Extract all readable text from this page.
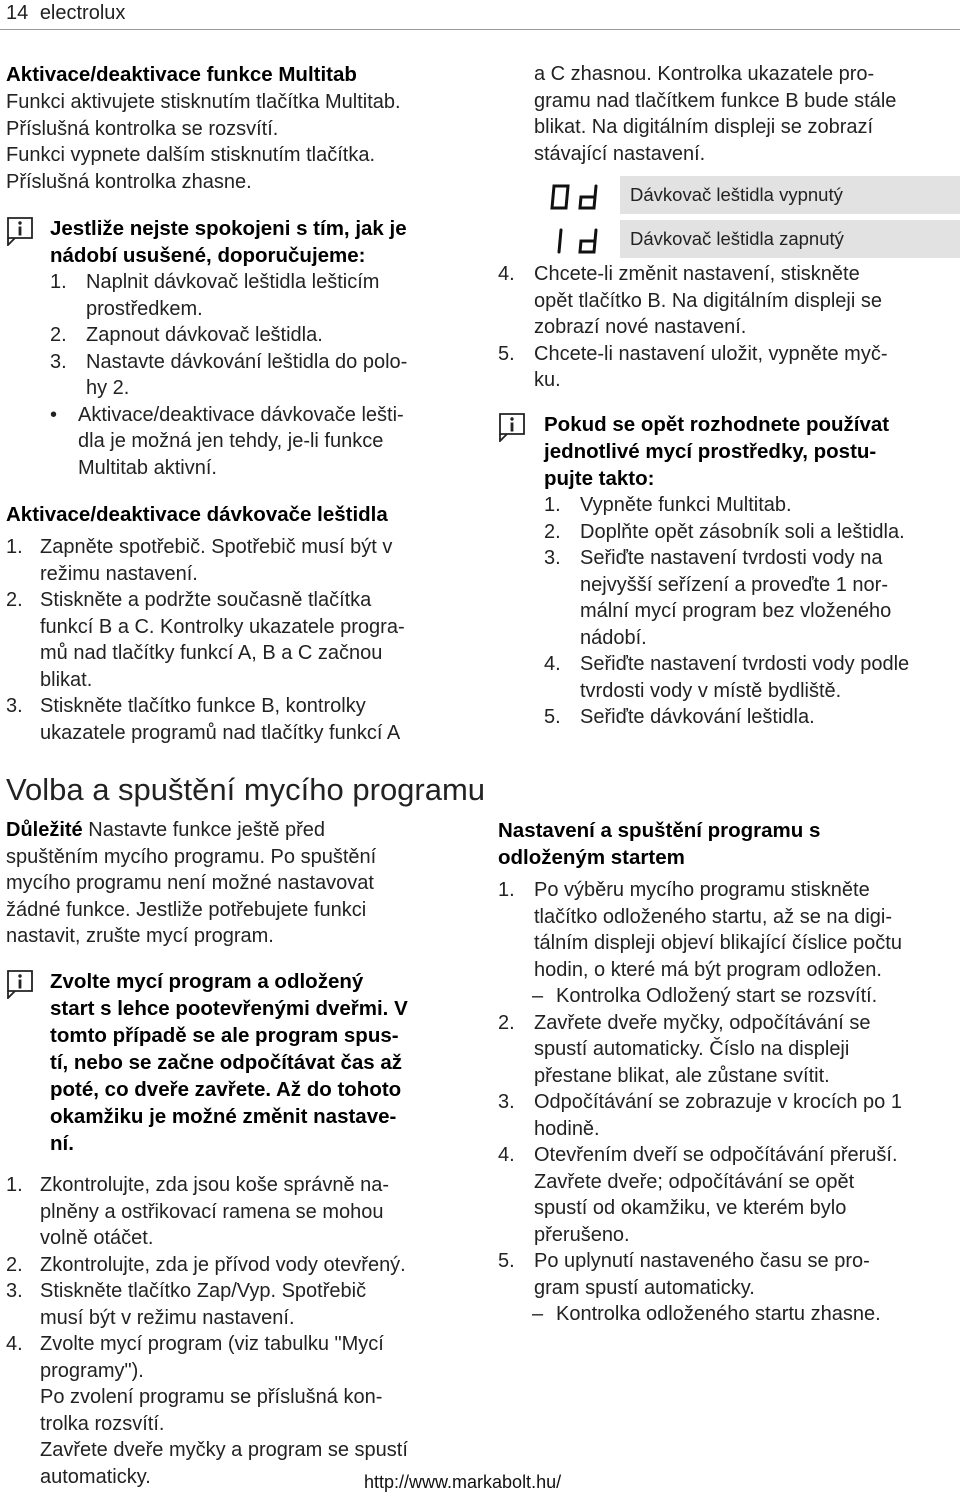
14 electrolux
Aktivace/deaktivace funkce Multitab
Funkci aktivujete stisknutím tlačítka Multitab.
Příslušná kontrolka se rozsvítí.
Funkci vypnete dalším stisknutím tlačítka.
Příslušná kontrolka zhasne.
Jestliže nejste spokojeni s tím, jak je
nádobí usušené, doporučujeme:
1. Naplnit dávkovač leštidla lešticím
prostředkem.
2. Zapnout dávkovač leštidla.
3. Nastavte dávkování leštidla do polo-
hy 2.
•	Aktivace/deaktivace dávkovače lešti-
dla je možná jen tehdy, je-li funkce
Multitab aktivní.
Aktivace/deaktivace dávkovače leštidla
1. Zapněte spotřebič. Spotřebič musí být v
režimu nastavení.
2. Stiskněte a podržte současně tlačítka
funkcí B a C. Kontrolky ukazatele progra-
mů nad tlačítky funkcí A, B a C začnou
blikat.
3. Stiskněte tlačítko funkce B, kontrolky
ukazatele programů nad tlačítky funkcí A
Volba a spuštění mycího programu
Důležité Nastavte funkce ještě před
spuštěním mycího programu. Po spuštění
mycího programu není možné nastavovat
žádné funkce. Jestliže potřebujete funkci
nastavit, zrušte mycí program.
Zvolte mycí program a odložený
start s lehce pootevřenými dveřmi. V
tomto případě se ale program spus-
tí, nebo se začne odpočítávat čas až
poté, co dveře zavřete. Až do tohoto
okamžiku je možné změnit nastave-
ní.
1. Zkontrolujte, zda jsou koše správně na-
plněny a ostřikovací ramena se mohou
volně otáčet.
2. Zkontrolujte, zda je přívod vody otevřený.
3. Stiskněte tlačítko Zap/Vyp. Spotřebič
musí být v režimu nastavení.
4. Zvolte mycí program (viz tabulku "Mycí
programy").
Po zvolení programu se příslušná kon-
trolka rozsvítí.
Zavřete dveře myčky a program se spustí
automaticky.
a C zhasnou. Kontrolka ukazatele pro-
gramu nad tlačítkem funkce B bude stále
blikat. Na digitálním displeji se zobrazí
stávající nastavení.
Dávkovač leštidla vypnutý
Dávkovač leštidla zapnutý
4. Chcete-li změnit nastavení, stiskněte
opět tlačítko B. Na digitálním displeji se
zobrazí nové nastavení.
5. Chcete-li nastavení uložit, vypněte myč-
ku.
Pokud se opět rozhodnete používat
jednotlivé mycí prostředky, postu-
pujte takto:
1. Vypněte funkci Multitab.
2. Doplňte opět zásobník soli a leštidla.
3. Seřiďte nastavení tvrdosti vody na
nejvyšší seřízení a proveďte 1 nor-
mální mycí program bez vloženého
nádobí.
4. Seřiďte nastavení tvrdosti vody podle
tvrdosti vody v místě bydliště.
5. Seřiďte dávkování leštidla.
Nastavení a spuštění programu s
odloženým startem
1. Po výběru mycího programu stiskněte
tlačítko odloženého startu, až se na digi-
tálním displeji objeví blikající číslice počtu
hodin, o které má být program odložen.
– Kontrolka Odložený start se rozsvítí.
2. Zavřete dveře myčky, odpočítávání se
spustí automaticky. Číslo na displeji
přestane blikat, ale zůstane svítit.
3. Odpočítávání se zobrazuje v krocích po 1
hodině.
4. Otevřením dveří se odpočítávání přeruší.
Zavřete dveře; odpočítávání se opět
spustí od okamžiku, ve kterém bylo
přerušeno.
5. Po uplynutí nastaveného času se pro-
gram spustí automaticky.
– Kontrolka odloženého startu zhasne.
http://www.markabolt.hu/
